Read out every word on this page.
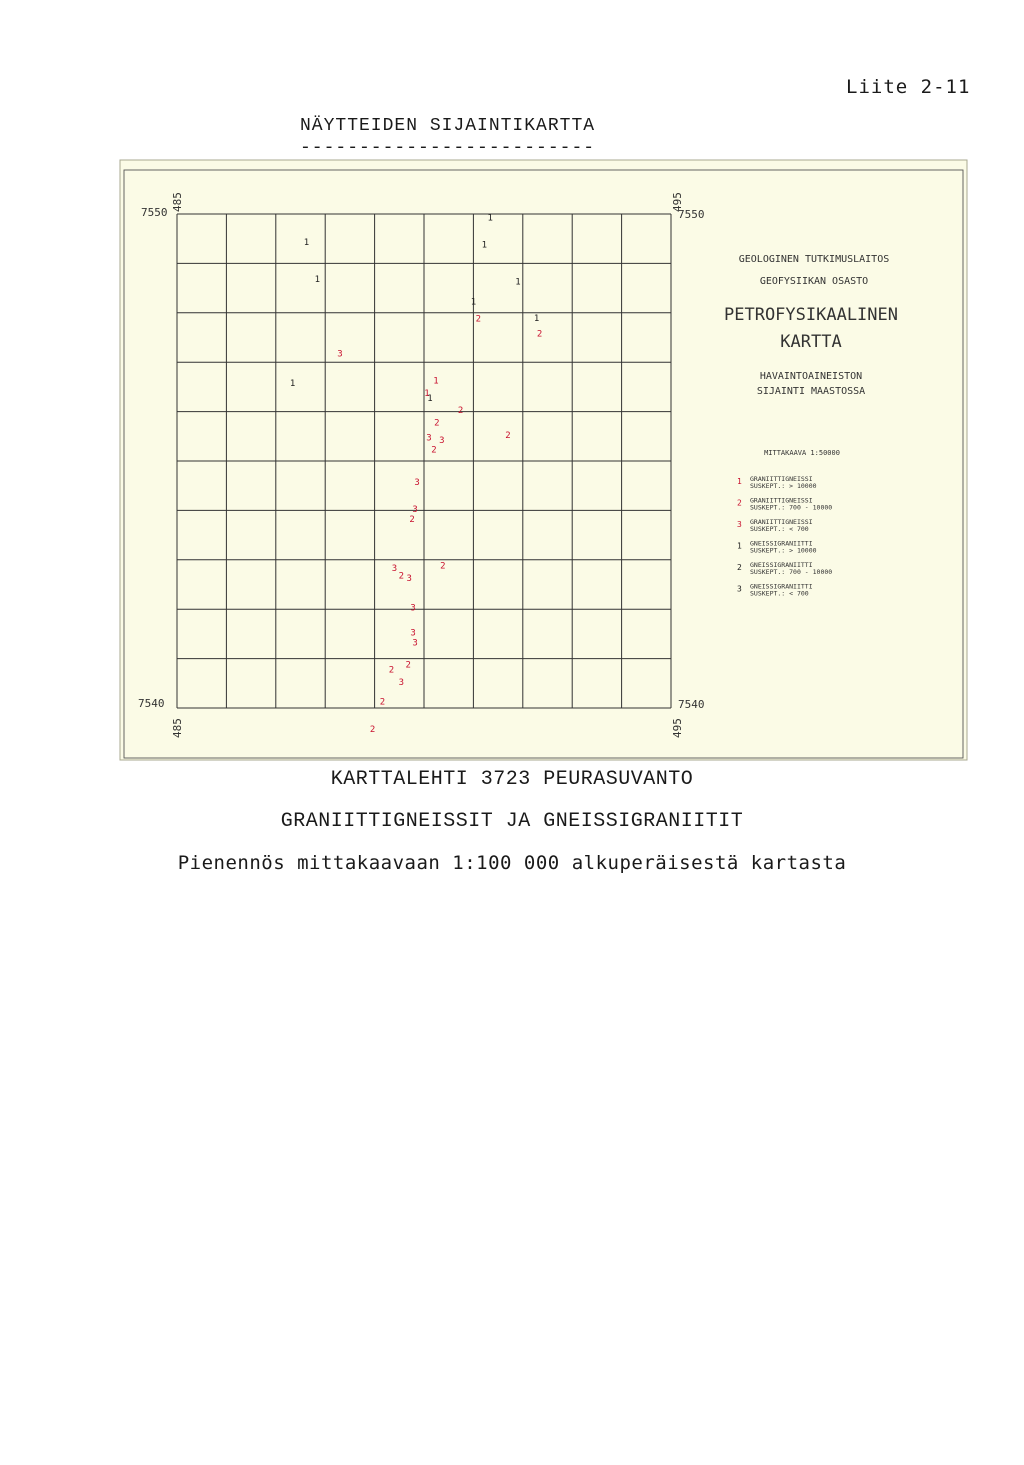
Liite 2-11
NÄYTTEIDEN SIJAINTIKARTTA
-------------------------
7550	7550
7540	7540
485	495
485	495
1
1	1
1	1
1
2	1
2
3
1
1
1
1
2
2
3 3
2
2
3
3
2
3	2
2 3
3
3
3
2 2
3
2
2
GEOLOGINEN TUTKIMUSLAITOS
GEOFYSIIKAN OSASTO
PETROFYSIKAALINEN
KARTTA
HAVAINTOAINEISTON
SIJAINTI MAASTOSSA
MITTAKAAVA 1:50000
1 GRANIITTIGNEISSI
SUSKEPT.: > 10000
2 GRANIITTIGNEISSI
SUSKEPT.: 700 - 10000
3 GRANIITTIGNEISSI
SUSKEPT.: < 700
1 GNEISSIGRANIITTI
SUSKEPT.: > 10000
2 GNEISSIGRANIITTI
SUSKEPT.: 700 - 10000
3 GNEISSIGRANIITTI
SUSKEPT.: < 700
KARTTALEHTI 3723 PEURASUVANTO
GRANIITTIGNEISSIT JA GNEISSIGRANIITIT
Pienennös mittakaavaan 1:100 000 alkuperäisestä kartasta
